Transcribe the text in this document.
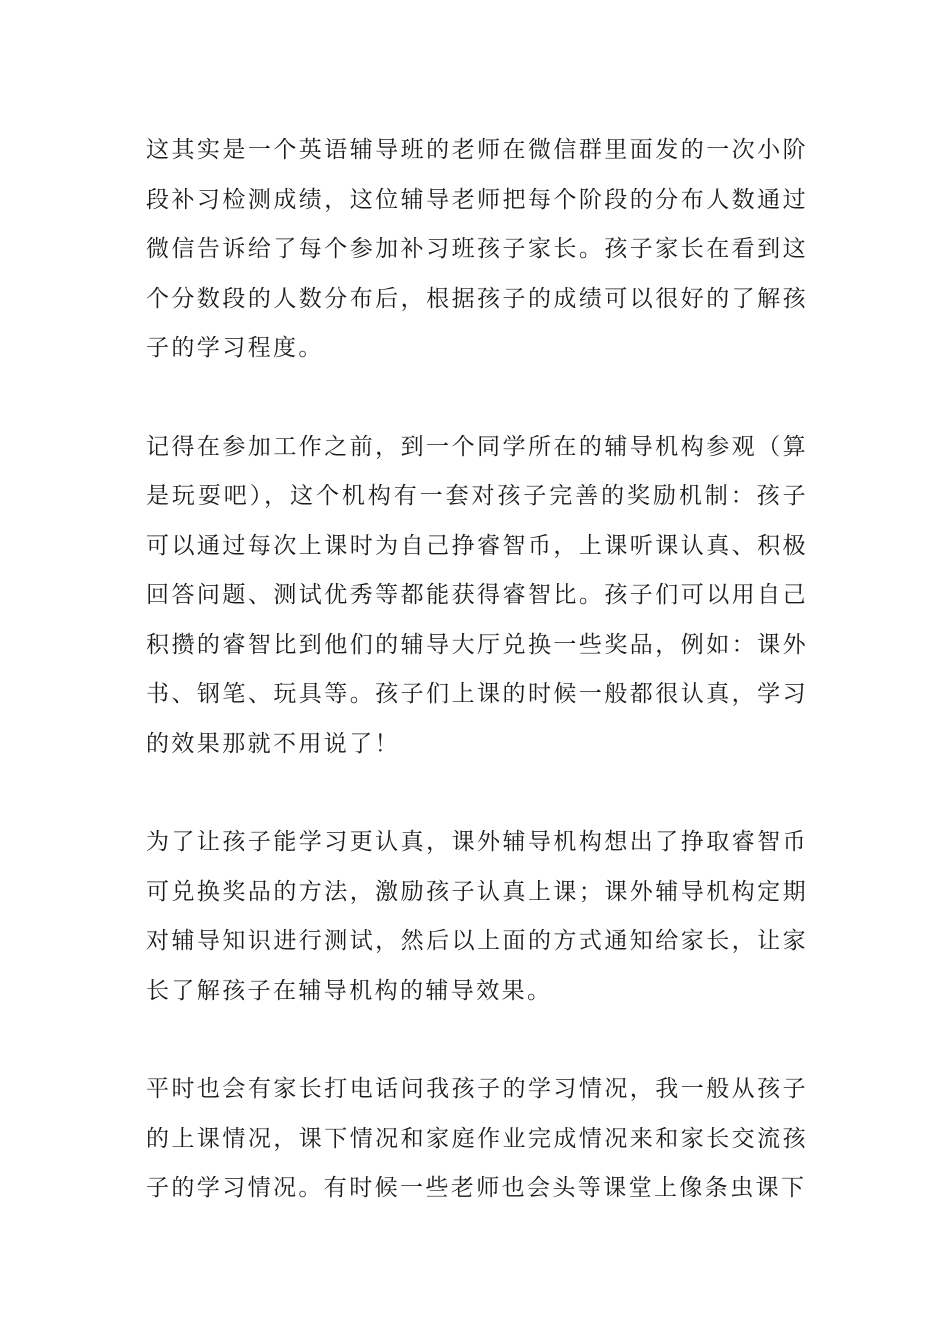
这其实是一个英语辅导班的老师在微信群里面发的一次小阶段补习检测成绩，这位辅导老师把每个阶段的分布人数通过微信告诉给了每个参加补习班孩子家长。孩子家长在看到这个分数段的人数分布后，根据孩子的成绩可以很好的了解孩子的学习程度。

记得在参加工作之前，到一个同学所在的辅导机构参观（算是玩耍吧），这个机构有一套对孩子完善的奖励机制：孩子可以通过每次上课时为自己挣睿智币，上课听课认真、积极回答问题、测试优秀等都能获得睿智比。孩子们可以用自己积攒的睿智比到他们的辅导大厅兑换一些奖品，例如：课外书、钢笔、玩具等。孩子们上课的时候一般都很认真，学习的效果那就不用说了！

为了让孩子能学习更认真，课外辅导机构想出了挣取睿智币可兑换奖品的方法，激励孩子认真上课；课外辅导机构定期对辅导知识进行测试，然后以上面的方式通知给家长，让家长了解孩子在辅导机构的辅导效果。

平时也会有家长打电话问我孩子的学习情况，我一般从孩子的上课情况，课下情况和家庭作业完成情况来和家长交流孩子的学习情况。有时候一些老师也会头等课堂上像条虫课下
